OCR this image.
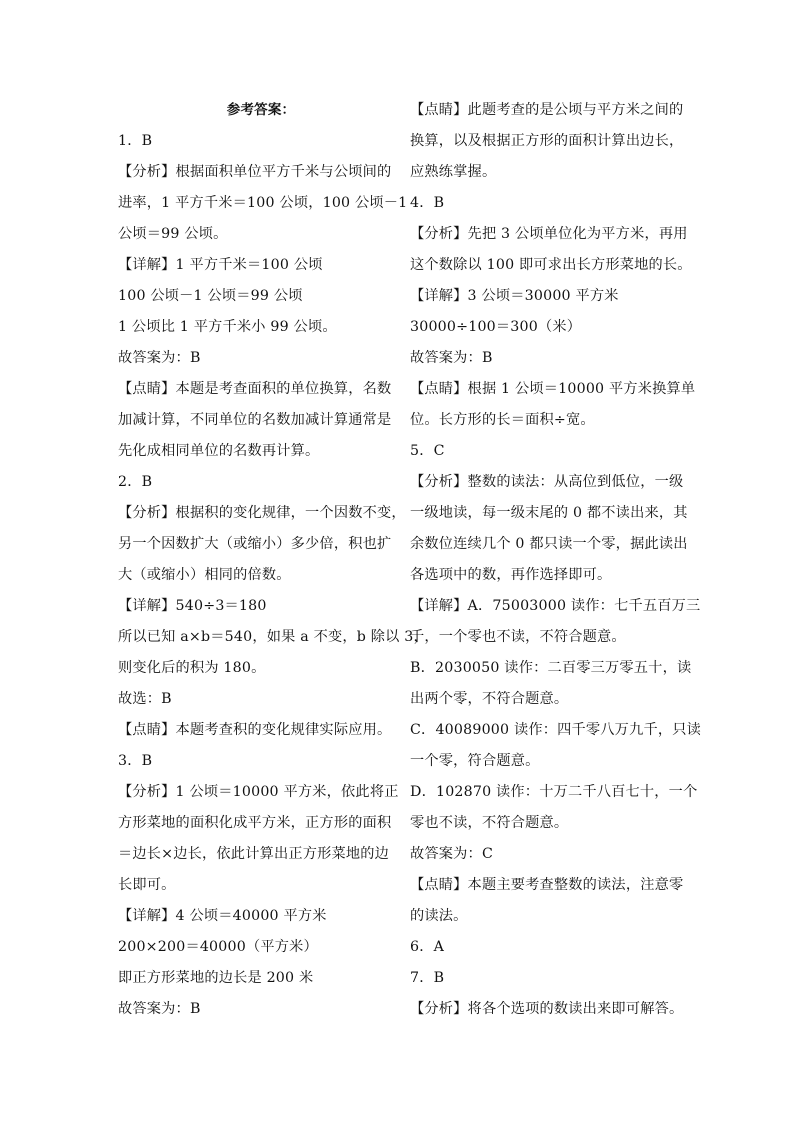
参考答案：
1．B
【分析】根据面积单位平方千米与公顷间的
进率，1 平方千米＝100 公顷，100 公顷－1
公顷＝99 公顷。
【详解】1 平方千米＝100 公顷
100 公顷－1 公顷＝99 公顷
1 公顷比 1 平方千米小 99 公顷。
故答案为：B
【点睛】本题是考查面积的单位换算，名数
加减计算，不同单位的名数加减计算通常是
先化成相同单位的名数再计算。
2．B
【分析】根据积的变化规律，一个因数不变，
另一个因数扩大（或缩小）多少倍，积也扩
大（或缩小）相同的倍数。
【详解】540÷3＝180
所以已知 a×b＝540，如果 a 不变，b 除以 3，
则变化后的积为 180。
故选：B
【点睛】本题考查积的变化规律实际应用。
3．B
【分析】1 公顷＝10000 平方米，依此将正
方形菜地的面积化成平方米，正方形的面积
＝边长×边长，依此计算出正方形菜地的边
长即可。
【详解】4 公顷＝40000 平方米
200×200＝40000（平方米）
即正方形菜地的边长是 200 米
故答案为：B
【点睛】此题考查的是公顷与平方米之间的
换算，以及根据正方形的面积计算出边长，
应熟练掌握。
4．B
【分析】先把 3 公顷单位化为平方米，再用
这个数除以 100 即可求出长方形菜地的长。
【详解】3 公顷＝30000 平方米
30000÷100＝300（米）
故答案为：B
【点睛】根据 1 公顷＝10000 平方米换算单
位。长方形的长＝面积÷宽。
5．C
【分析】整数的读法：从高位到低位，一级
一级地读，每一级末尾的 0 都不读出来，其
余数位连续几个 0 都只读一个零，据此读出
各选项中的数，再作选择即可。
【详解】A．75003000 读作：七千五百万三
千，一个零也不读，不符合题意。
B．2030050 读作：二百零三万零五十，读
出两个零，不符合题意。
C．40089000 读作：四千零八万九千，只读
一个零，符合题意。
D．102870 读作：十万二千八百七十，一个
零也不读，不符合题意。
故答案为：C
【点睛】本题主要考查整数的读法，注意零
的读法。
6．A
7．B
【分析】将各个选项的数读出来即可解答。
